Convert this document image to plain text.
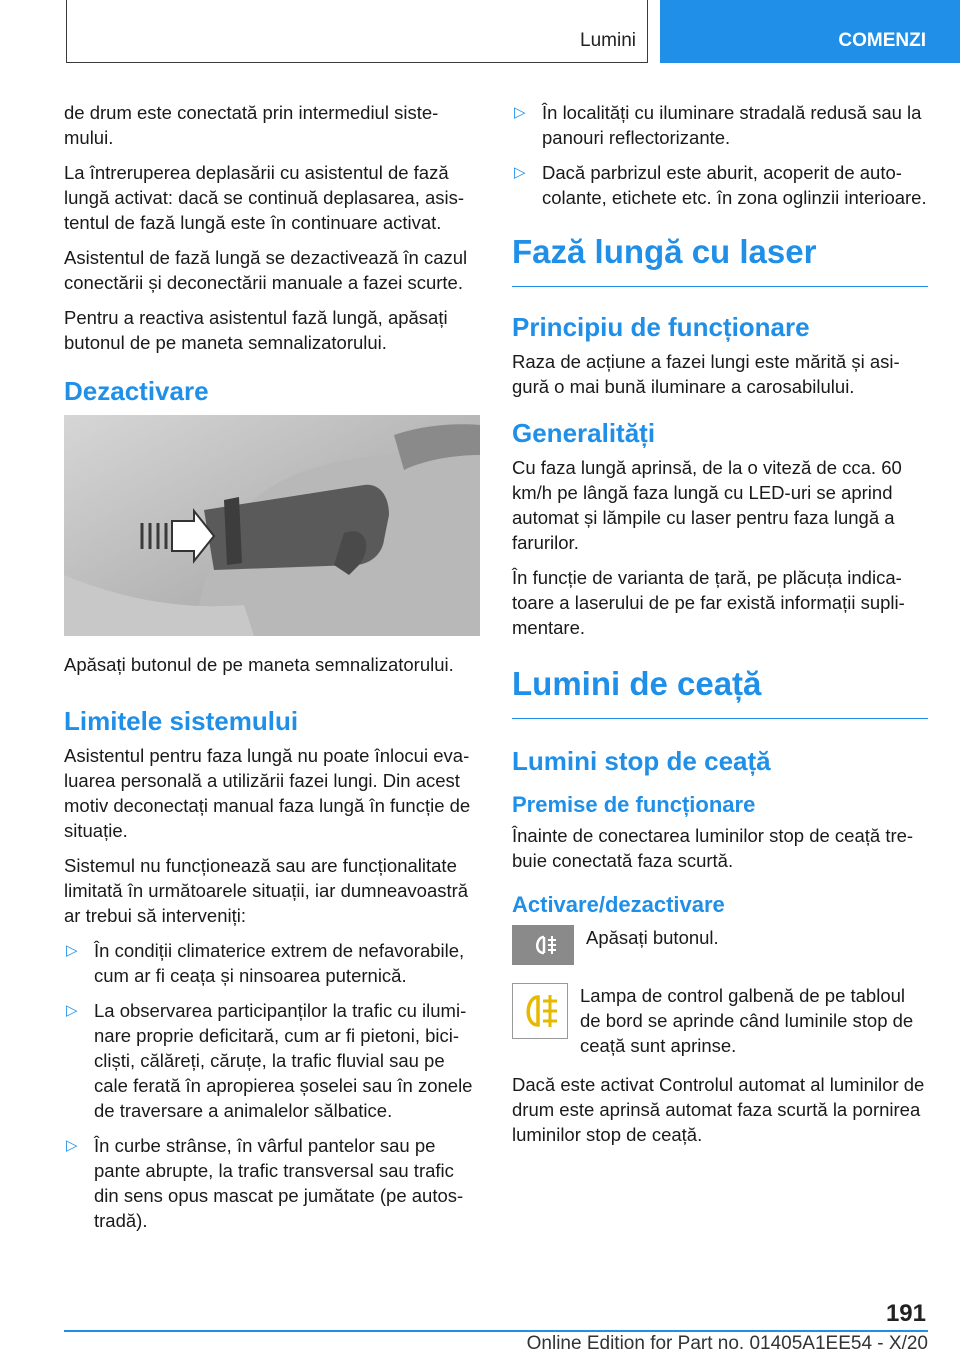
Lumini	COMENZI

de drum este conectată prin intermediul sistemului.

La întreruperea deplasării cu asistentul de fază lungă activat: dacă se continuă deplasarea, asistentul de fază lungă este în continuare activat.

Asistentul de fază lungă se dezactivează în cazul conectării și deconectării manuale a fazei scurte.

Pentru a reactiva asistentul fază lungă, apăsați butonul de pe maneta semnalizatorului.

Dezactivare
Apăsați butonul de pe maneta semnalizatorului.
Limitele sistemului

Asistentul pentru faza lungă nu poate înlocui evaluarea personală a utilizării fazei lungi. Din acest motiv deconectați manual faza lungă în funcție de situație.

Sistemul nu funcționează sau are funcționalitate limitată în următoarele situații, iar dumneavoastră ar trebui să interveniți:

▷ În condiții climaterice extrem de nefavorabile, cum ar fi ceața și ninsoarea puternică.
▷ La observarea participanților la trafic cu iluminare proprie deficitară, cum ar fi pietoni, bicicliști, călăreți, căruțe, la trafic fluvial sau pe cale ferată în apropierea șoselei sau în zonele de traversare a animalelor sălbatice.
▷ În curbe strânse, în vârful pantelor sau pe pante abrupte, la trafic transversal sau trafic din sens opus mascat pe jumătate (pe autostradă).
▷ În localități cu iluminare stradală redusă sau la panouri reflectorizante.
▷ Dacă parbrizul este aburit, acoperit de autocolante, etichete etc. în zona oglinzii interioare.
Fază lungă cu laser
Principiu de funcționare

Raza de acțiune a fazei lungi este mărită și asigură o mai bună iluminare a carosabilului.

Generalități

Cu faza lungă aprinsă, de la o viteză de cca. 60 km/h pe lângă faza lungă cu LED-uri se aprind automat și lămpile cu laser pentru faza lungă a farurilor.

În funcție de varianta de țară, pe plăcuța indicatoare a laserului de pe far există informații suplimentare.

Lumini de ceață
Lumini stop de ceață
Premise de funcționare

Înainte de conectarea luminilor stop de ceață trebuie conectată faza scurtă.

Activare/dezactivare
Apăsați butonul.
Lampa de control galbenă de pe tabloul de bord se aprinde când luminile stop de ceață sunt aprinse.

Dacă este activat Controlul automat al luminilor de drum este aprinsă automat faza scurtă la pornirea luminilor stop de ceață.

191
Online Edition for Part no. 01405A1EE54 - X/20
